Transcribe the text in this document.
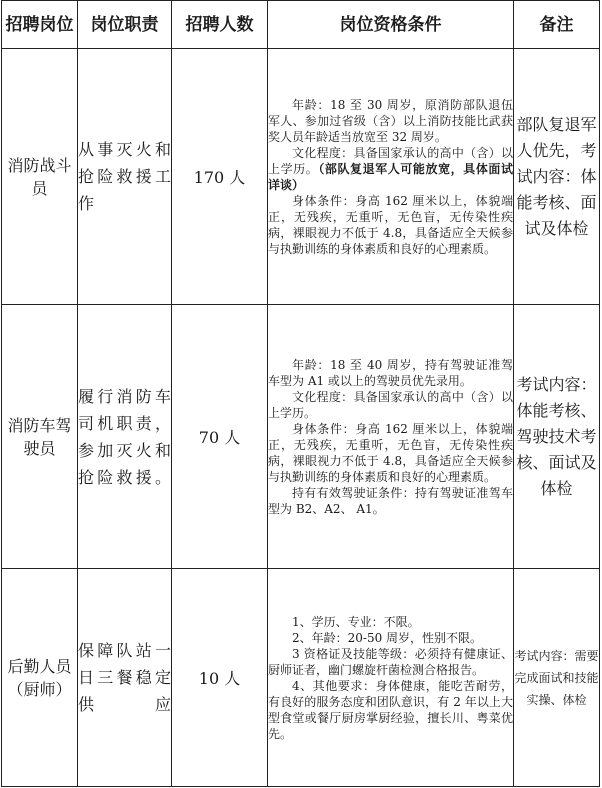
招聘岗位	岗位职责	招聘人数	岗位资格条件	备注
消防战斗员	从事灭火和抢险救援工作	170 人	年龄：18 至 30 周岁，原消防部队退伍军人、参加过省级（含）以上消防技能比武获奖人员年龄适当放宽至 32 周岁。

文化程度：具备国家承认的高中（含）以上学历。（部队复退军人可能放宽，具体面试详谈）

身体条件：身高 162 厘米以上，体貌端正，无残疾，无重听，无色盲，无传染性疾病，裸眼视力不低于 4.8，具备适应全天候参与执勤训练的身体素质和良好的心理素质。	部队复退军人优先，考试内容：体能考核、面试及体检
消防车驾驶员	履行消防车司机职责，参加灭火和抢险救援。	70 人	年龄：18 至 40 周岁，持有驾驶证准驾车型为 A1 或以上的驾驶员优先录用。

文化程度：具备国家承认的高中（含）以上学历。

身体条件：身高 162 厘米以上，体貌端正，无残疾，无重听，无色盲，无传染性疾病，裸眼视力不低于 4.8，具备适应全天候参与执勤训练的身体素质和良好的心理素质。

持有有效驾驶证条件：持有驾驶证准驾车型为 B2、A2、 A1。	考试内容：体能考核、驾驶技术考核、面试及体检
后勤人员（厨师）	保障队站一日三餐稳定供应	10 人	1、学历、专业：不限。

2、年龄：20-50 周岁，性别不限。

3 资格证及技能等级：必须持有健康证、厨师证者，幽门螺旋杆菌检测合格报告。

4、其他要求：身体健康，能吃苦耐劳，有良好的服务态度和团队意识，有 2 年以上大型食堂或餐厅厨房掌厨经验，擅长川、粤菜优先。	考试内容：需要完成面试和技能实操、体检
